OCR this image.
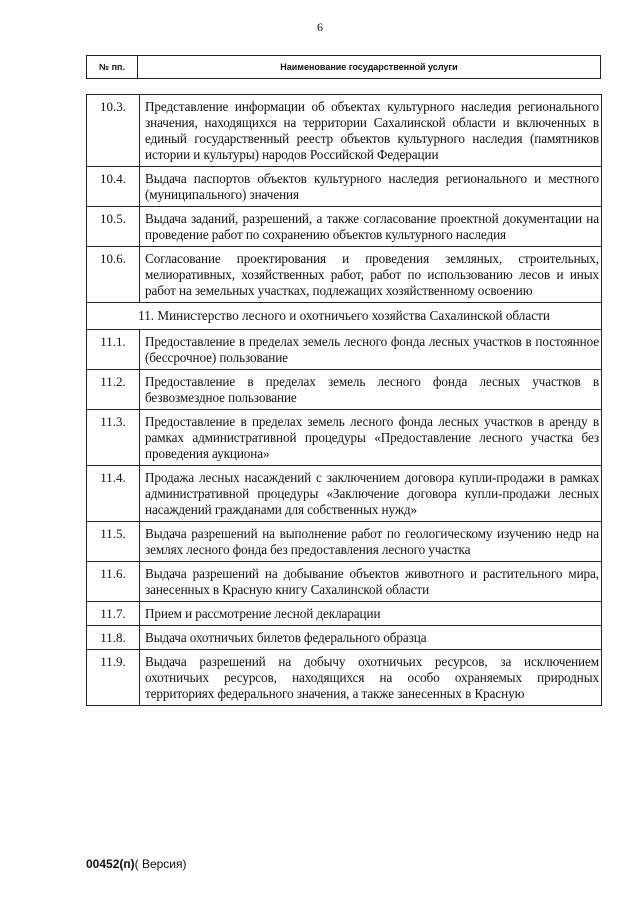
6
№ пп.	Наименование государственной услуги
10.3.	Представление информации об объектах культурного наследия регионального значения, находящихся на территории Сахалинской области и включенных в единый государственный реестр объектов культурного наследия (памятников истории и культуры) народов Российской Федерации
10.4.	Выдача паспортов объектов культурного наследия регионального и местного (муниципального) значения
10.5.	Выдача заданий, разрешений, а также согласование проектной документации на проведение работ по сохранению объектов культурного наследия
10.6.	Согласование проектирования и проведения земляных, строительных, мелиоративных, хозяйственных работ, работ по использованию лесов и иных работ на земельных участках, подлежащих хозяйственному освоению
11. Министерство лесного и охотничьего хозяйства Сахалинской области	
11.1.	Предоставление в пределах земель лесного фонда лесных участков в постоянное (бессрочное) пользование
11.2.	Предоставление в пределах земель лесного фонда лесных участков в безвозмездное пользование
11.3.	Предоставление в пределах земель лесного фонда лесных участков в аренду в рамках административной процедуры «Предоставление лесного участка без проведения аукциона»
11.4.	Продажа лесных насаждений с заключением договора купли-продажи в рамках административной процедуры «Заключение договора купли-продажи лесных насаждений гражданами для собственных нужд»
11.5.	Выдача разрешений на выполнение работ по геологическому изучению недр на землях лесного фонда без предоставления лесного участка
11.6.	Выдача разрешений на добывание объектов животного и растительного мира, занесенных в Красную книгу Сахалинской области
11.7.	Прием и рассмотрение лесной декларации
11.8.	Выдача охотничьих билетов федерального образца
11.9.	Выдача разрешений на добычу охотничьих ресурсов, за исключением охотничьих ресурсов, находящихся на особо охраняемых природных территориях федерального значения, а также занесенных в Красную
00452(п)( Версия)
